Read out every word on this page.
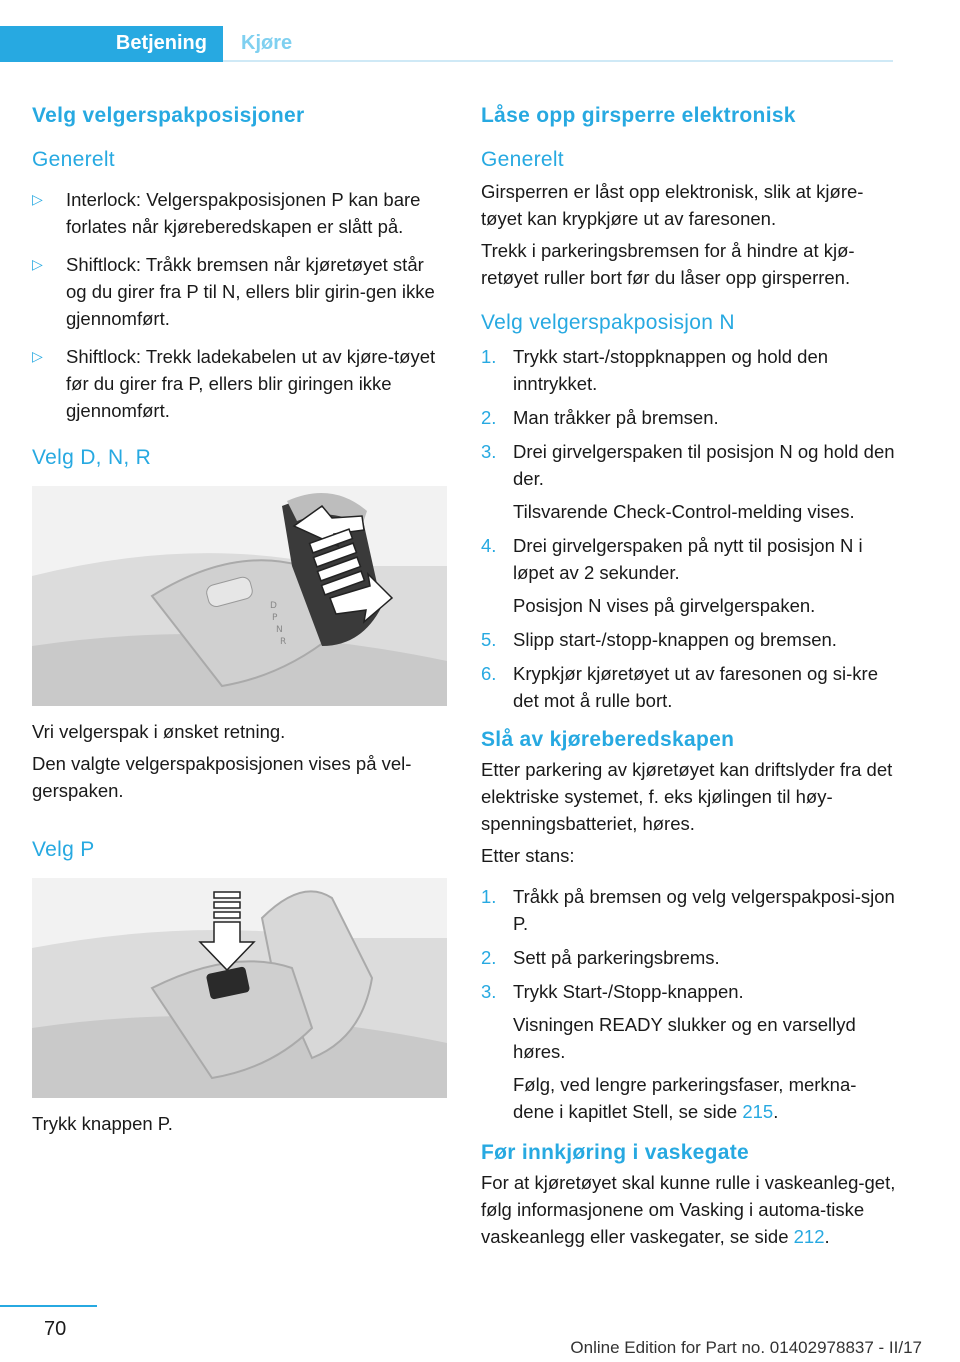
Betjening Kjøre
Velg velgerspakposisjoner
Generelt
▷ Interlock: Velgerspakposisjonen P kan bare forlates når kjøreberedskapen er slått på.
▷ Shiftlock: Tråkk bremsen når kjøretøyet står og du girer fra P til N, ellers blir girin‐gen ikke gjennomført.
▷ Shiftlock: Trekk ladekabelen ut av kjøre‐tøyet før du girer fra P, ellers blir giringen ikke gjennomført.
Velg D, N, R
D
P
N
R

Vri velgerspak i ønsket retning.

Den valgte velgerspakposisjonen vises på vel‐gerspaken.

Velg P

Trykk knappen P.

Låse opp girsperre elektronisk
Generelt

Girsperren er låst opp elektronisk, slik at kjøre‐tøyet kan krypkjøre ut av faresonen.

Trekk i parkeringsbremsen for å hindre at kjø‐retøyet ruller bort før du låser opp girsperren.

Velg velgerspakposisjon N
1. Trykk start-/stoppknappen og hold den inntrykket.
2. Man tråkker på bremsen.
3. Drei girvelgerspaken til posisjon N og hold den der.
Tilsvarende Check-Control-melding vises.
4. Drei girvelgerspaken på nytt til posisjon N i løpet av 2 sekunder.
Posisjon N vises på girvelgerspaken.
5. Slipp start-/stopp-knappen og bremsen.
6. Krypkjør kjøretøyet ut av faresonen og si‐kre det mot å rulle bort.
Slå av kjøreberedskapen

Etter parkering av kjøretøyet kan driftslyder fra det elektriske systemet, f. eks kjølingen til høy‐spenningsbatteriet, høres.

Etter stans:

1. Tråkk på bremsen og velg velgerspakposi‐sjon P.
2. Sett på parkeringsbrems.
3. Trykk Start-/Stopp-knappen.
Visningen READY slukker og en varsellyd høres.
Følg, ved lengre parkeringsfaser, merkna‐dene i kapitlet Stell, se side 215.
Før innkjøring i vaskegate

For at kjøretøyet skal kunne rulle i vaskeanleg‐get, følg informasjonene om Vasking i automa‐tiske vaskeanlegg eller vaskegater, se side 212.

70
Online Edition for Part no. 01402978837 - II/17
